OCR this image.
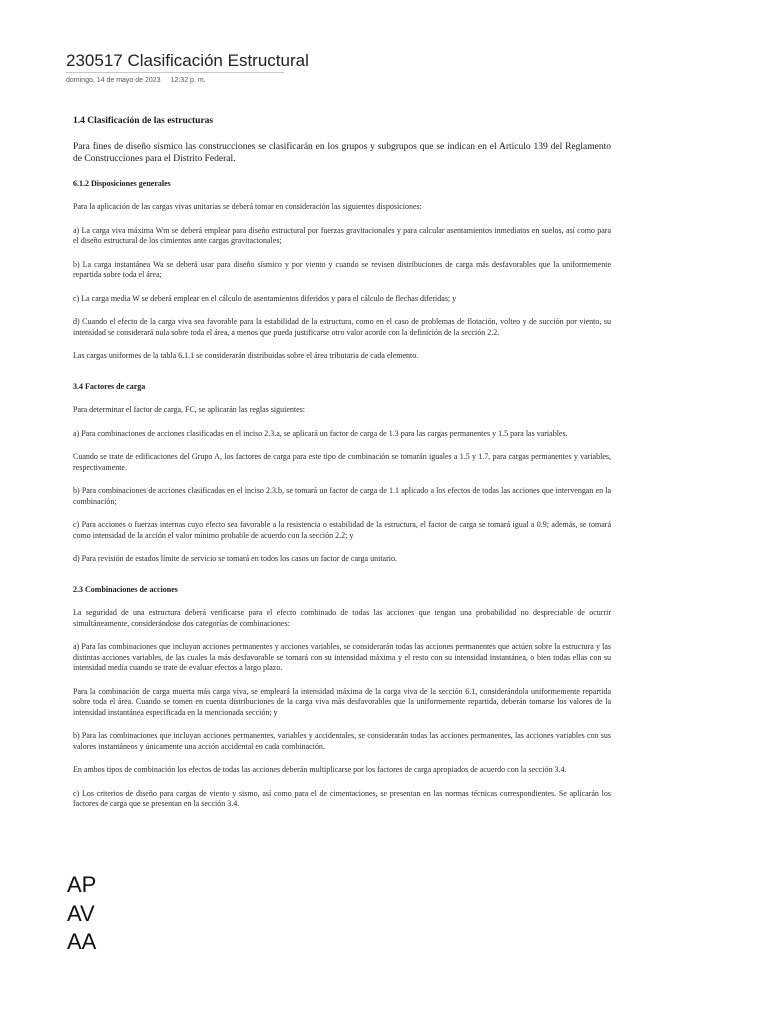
230517 Clasificación Estructural
domingo, 14 de mayo de 2023 12:32 p. m.
1.4 Clasificación de las estructuras

Para fines de diseño sísmico las construcciones se clasificarán en los grupos y subgrupos que se indican en el Artículo 139 del Reglamento de Construcciones para el Distrito Federal.

6.1.2 Disposiciones generales

Para la aplicación de las cargas vivas unitarias se deberá tomar en consideración las siguientes disposiciones:

a) La carga viva máxima Wm se deberá emplear para diseño estructural por fuerzas gravitacionales y para calcular asentamientos inmediatos en suelos, así como para el diseño estructural de los cimientos ante cargas gravitacionales;

b) La carga instantánea Wa se deberá usar para diseño sísmico y por viento y cuando se revisen distribuciones de carga más desfavorables que la uniformemente repartida sobre toda el área;

c) La carga media W se deberá emplear en el cálculo de asentamientos diferidos y para el cálculo de flechas diferidas; y

d) Cuando el efecto de la carga viva sea favorable para la estabilidad de la estructura, como en el caso de problemas de flotación, volteo y de succión por viento, su intensidad se considerará nula sobre toda el área, a menos que pueda justificarse otro valor acorde con la definición de la sección 2.2.

Las cargas uniformes de la tabla 6.1.1 se considerarán distribuidas sobre el área tributaria de cada elemento.

3.4 Factores de carga

Para determinar el factor de carga, FC, se aplicarán las reglas siguientes:

a) Para combinaciones de acciones clasificadas en el inciso 2.3.a, se aplicará un factor de carga de 1.3 para las cargas permanentes y 1.5 para las variables.

Cuando se trate de edificaciones del Grupo A, los factores de carga para este tipo de combinación se tomarán iguales a 1.5 y 1.7, para cargas permanentes y variables, respectivamente.

b) Para combinaciones de acciones clasificadas en el inciso 2.3.b, se tomará un factor de carga de 1.1 aplicado a los efectos de todas las acciones que intervengan en la combinación;

c) Para acciones o fuerzas internas cuyo efecto sea favorable a la resistencia o estabilidad de la estructura, el factor de carga se tomará igual a 0.9; además, se tomará como intensidad de la acción el valor mínimo probable de acuerdo con la sección 2.2; y

d) Para revisión de estados límite de servicio se tomará en todos los casos un factor de carga unitario.

2.3 Combinaciones de acciones

La seguridad de una estructura deberá verificarse para el efecto combinado de todas las acciones que tengan una probabilidad no despreciable de ocurrir simultáneamente, considerándose dos categorías de combinaciones:

a) Para las combinaciones que incluyan acciones permanentes y acciones variables, se considerarán todas las acciones permanentes que actúen sobre la estructura y las distintas acciones variables, de las cuales la más desfavorable se tomará con su intensidad máxima y el resto con su intensidad instantánea, o bien todas ellas con su intensidad media cuando se trate de evaluar efectos a largo plazo.

Para la combinación de carga muerta más carga viva, se empleará la intensidad máxima de la carga viva de la sección 6.1, considerándola uniformemente repartida sobre toda el área. Cuando se tomen en cuenta distribuciones de la carga viva más desfavorables que la uniformemente repartida, deberán tomarse los valores de la intensidad instantánea especificada en la mencionada sección; y

b) Para las combinaciones que incluyan acciones permanentes, variables y accidentales, se considerarán todas las acciones permanentes, las acciones variables con sus valores instantáneos y únicamente una acción accidental en cada combinación.

En ambos tipos de combinación los efectos de todas las acciones deberán multiplicarse por los factores de carga apropiados de acuerdo con la sección 3.4.

c) Los criterios de diseño para cargas de viento y sismo, así como para el de cimentaciones, se presentan en las normas técnicas correspondientes. Se aplicarán los factores de carga que se presentan en la sección 3.4.

AP
AV
AA
